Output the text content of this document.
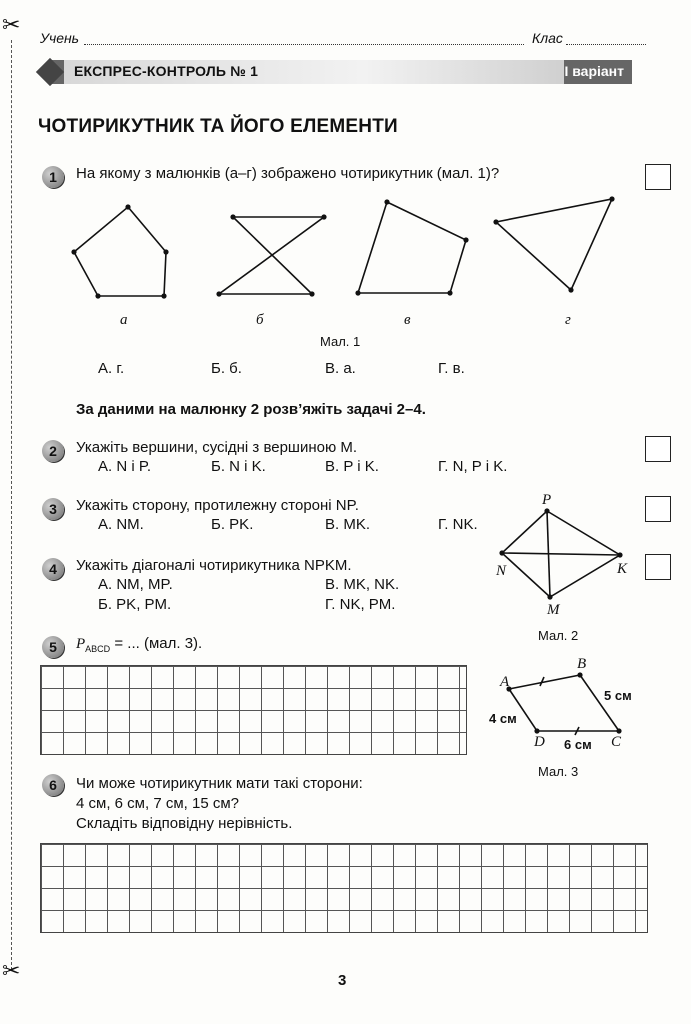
✂
✂
Учень	Клас
ЕКСПРЕС-КОНТРОЛЬ № 1	І варіант
ЧОТИРИКУТНИК ТА ЙОГО ЕЛЕМЕНТИ
1	На якому з малюнків (а–г) зображено чотирикутник (мал. 1)?
а	б	в	г
Мал. 1
А. г.	Б. б.	В. а.	Г. в.
За даними на малюнку 2 розв’яжіть задачі 2–4.
2	Укажіть вершини, сусідні з вершиною M.
А. N і P.	Б. N і K.	В. P і K.	Г. N, P і K.
3	Укажіть сторону, протилежну стороні NP.
А. NM.	Б. PK.	В. MK.	Г. NK.
4	Укажіть діагоналі чотирикутника NPKM.
А. NM, MP.	В. MK, NK.
Б. PK, PM.	Г. NK, PM.
P
N	K
M
Мал. 2
5	$P_{ABCD}$ = ... (мал. 3).
A
B
C
D
5 см
4 см
6 см
Мал. 3
6	Чи може чотирикутник мати такі сторони:
4 см, 6 см, 7 см, 15 см?
Складіть відповідну нерівність.
3
